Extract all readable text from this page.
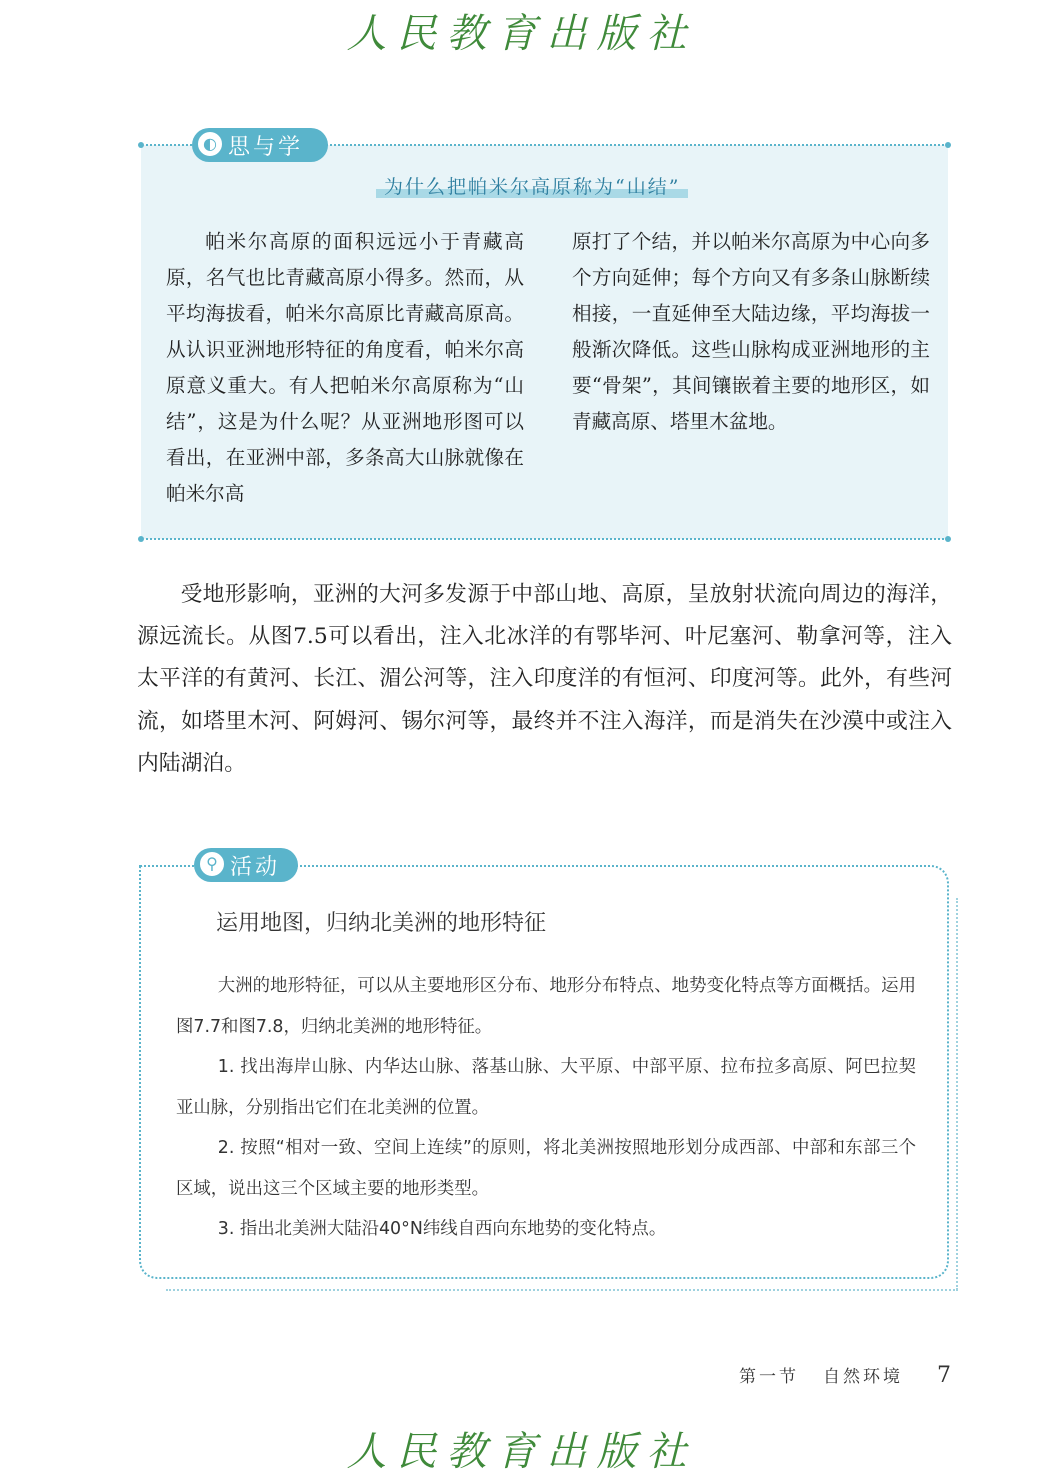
人民教育出版社
◐ 思与学
为什么把帕米尔高原称为“山结”

帕米尔高原的面积远远小于青藏高原，名气也比青藏高原小得多。然而，从平均海拔看，帕米尔高原比青藏高原高。从认识亚洲地形特征的角度看，帕米尔高原意义重大。有人把帕米尔高原称为“山结”，这是为什么呢？从亚洲地形图可以看出，在亚洲中部，多条高大山脉就像在帕米尔高

原打了个结，并以帕米尔高原为中心向多个方向延伸；每个方向又有多条山脉断续相接，一直延伸至大陆边缘，平均海拔一般渐次降低。这些山脉构成亚洲地形的主要“骨架”，其间镶嵌着主要的地形区，如青藏高原、塔里木盆地。

受地形影响，亚洲的大河多发源于中部山地、高原，呈放射状流向周边的海洋，源远流长。从图7.5可以看出，注入北冰洋的有鄂毕河、叶尼塞河、勒拿河等，注入太平洋的有黄河、长江、湄公河等，注入印度洋的有恒河、印度河等。此外，有些河流，如塔里木河、阿姆河、锡尔河等，最终并不注入海洋，而是消失在沙漠中或注入内陆湖泊。

⚲ 活动
运用地图，归纳北美洲的地形特征

大洲的地形特征，可以从主要地形区分布、地形分布特点、地势变化特点等方面概括。运用图7.7和图7.8，归纳北美洲的地形特征。

1. 找出海岸山脉、内华达山脉、落基山脉、大平原、中部平原、拉布拉多高原、阿巴拉契亚山脉，分别指出它们在北美洲的位置。

2. 按照“相对一致、空间上连续”的原则，将北美洲按照地形划分成西部、中部和东部三个区域，说出这三个区域主要的地形类型。

3. 指出北美洲大陆沿40°N纬线自西向东地势的变化特点。

第一节 自然环境 7
人民教育出版社
